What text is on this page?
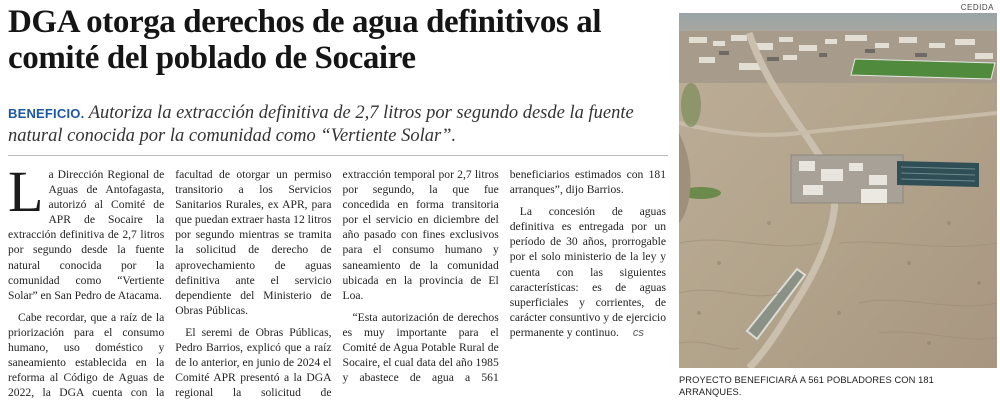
DGA otorga derechos de agua definitivos al comité del poblado de Socaire
BENEFICIO. Autoriza la extracción definitiva de 2,7 litros por segundo desde la fuente natural conocida por la comunidad como “Vertiente Solar”.

La Dirección Regional de Aguas de Antofagasta, autorizó al Comité de APR de Socaire la extracción definitiva de 2,7 litros por segundo desde la fuente natural conocida por la comunidad como “Vertiente Solar” en San Pedro de Atacama.

Cabe recordar, que a raíz de la priorización para el consumo humano, uso doméstico y saneamiento establecida en la reforma al Código de Aguas de 2022, la DGA cuenta con la facultad de otorgar un permiso transitorio a los Servicios Sanitarios Rurales, ex APR, para que puedan extraer hasta 12 litros por segundo mientras se tramita la solicitud de derecho de aprovechamiento de aguas definitiva ante el servicio dependiente del Ministerio de Obras Públicas.

El seremi de Obras Públicas, Pedro Barrios, explicó que a raíz de lo anterior, en junio de 2024 el Comité APR presentó a la DGA regional la solicitud de extracción temporal por 2,7 litros por segundo, la que fue concedida en forma transitoria por el servicio en diciembre del año pasado con fines exclusivos para el consumo humano y saneamiento de la comunidad ubicada en la provincia de El Loa.

“Esta autorización de derechos es muy importante para el Comité de Agua Potable Rural de Socaire, el cual data del año 1985 y abastece de agua a 561 beneficiarios estimados con 181 arranques”, dijo Barrios.

La concesión de aguas definitiva es entregada por un período de 30 años, prorrogable por el solo ministerio de la ley y cuenta con las siguientes características: es de aguas superficiales y corrientes, de carácter consuntivo y de ejercicio permanente y continuo. cs

CEDIDA
PROYECTO BENEFICIARÁ A 561 POBLADORES CON 181 ARRANQUES.
